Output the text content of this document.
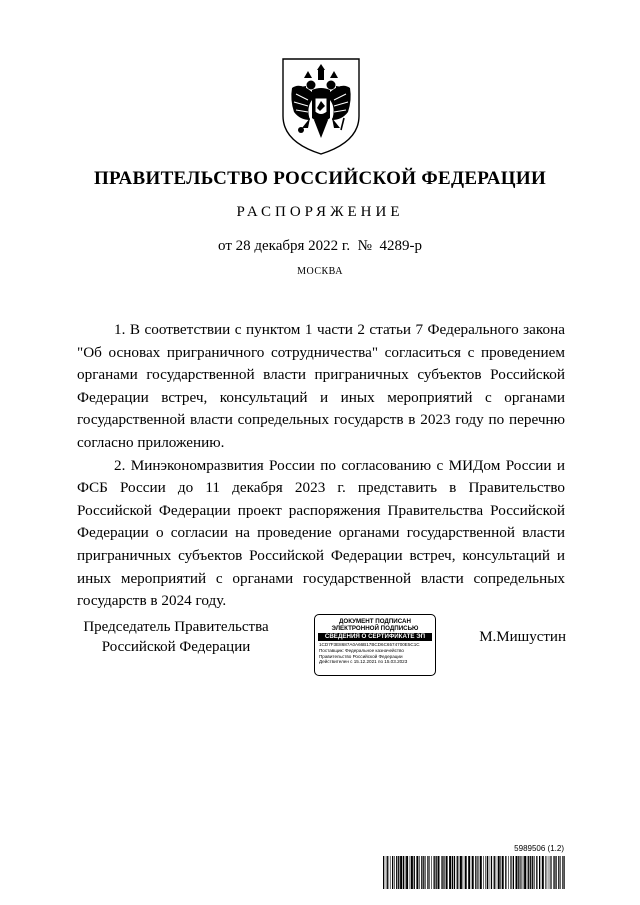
ПРАВИТЕЛЬСТВО РОССИЙСКОЙ ФЕДЕРАЦИИ
РАСПОРЯЖЕНИЕ
от 28 декабря 2022 г. №  4289-р
МОСКВА

1. В соответствии с пунктом 1 части 2 статьи 7 Федерального закона "Об основах приграничного сотрудничества" согласиться с проведением органами государственной власти приграничных субъектов Российской Федерации встреч, консультаций и иных мероприятий с органами государственной власти сопредельных государств в 2023 году по перечню согласно приложению.

2. Минэкономразвития России по согласованию с МИДом России и ФСБ России до 11 декабря 2023 г. представить в Правительство Российской Федерации проект распоряжения Правительства Российской Федерации о согласии на проведение органами государственной власти приграничных субъектов Российской Федерации встреч, консультаций и иных мероприятий с органами государственной власти сопредельных государств в 2024 году.

Председатель Правительства
Российской Федерации
ДОКУМЕНТ ПОДПИСАН
ЭЛЕКТРОННОЙ ПОДПИСЬЮ
СВЕДЕНИЯ О СЕРТИФИКАТЕ ЭП
1CD7F3E8687A0A66B17BCD6C6574700E5C1C
Поставщик: Федеральное казначейство
Правительство Российской Федерации
Действителен с 15.12.2021 по 15.03.2023
М.Мишустин
5989506 (1.2)
